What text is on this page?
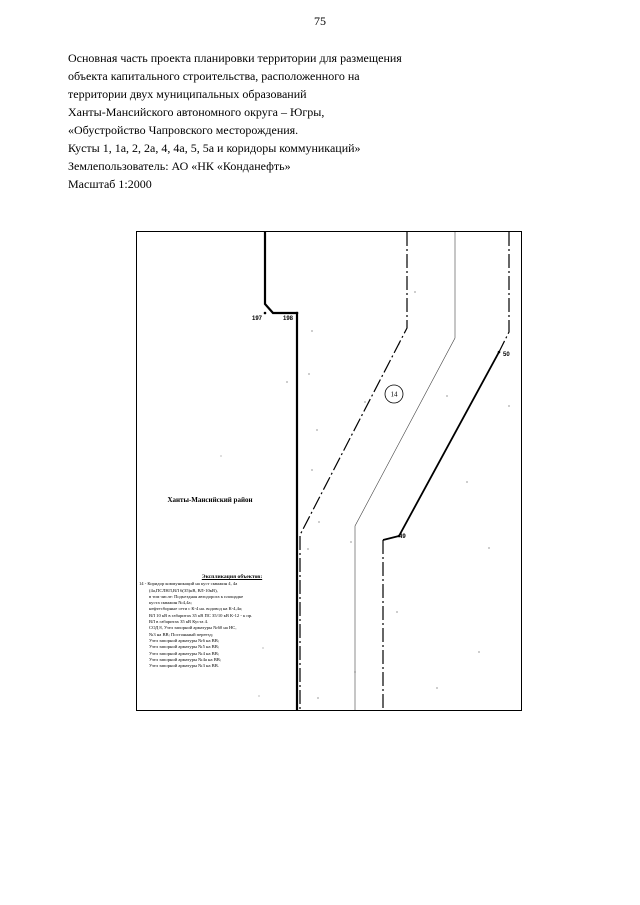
75
Основная часть проекта планировки территории для размещения
объекта капитального строительства, расположенного на
территории двух муниципальных образований
Ханты-Мансийского автономного округа – Югры,
«Обустройство Чапровского месторождения.
Кусты 1, 1а, 2, 2а, 4, 4а, 5, 5а и коридоры коммуникаций»
Землепользователь: АО «НК «Конданефть»
Масштаб 1:2000
197	198
50
49
14
Ханты-Мансийский район
Экспликация объектов:
14 - Коридор коммуникаций на куст скважин 4, 4а
(4а,ПСЛНЛ,ВЛ 6(35)кВ, ВЛ-10кВ),
в том числе: Подъездная автодорога к площадке
куста скважин №4,4а;
нефтесборные сети с К-4 на. водовод на К-4,4а;
ВЛ 10 кВ в габаритах 35 кВ ПС 35/10 кВ К-12 - к пр.
ВЛ в габаритах 35 кВ Куста 4.
СОД 8, Узел запорной арматуры №60 на НС,
№3 на ВВ; Постоянный переезд;
Узел запорной арматуры №6 на ВВ;
Узел запорной арматуры №5 на ВВ;
Узел запорной арматуры №4 на ВВ;
Узел запорной арматуры №4а на ВВ;
Узел запорной арматуры №3 на ВВ.
